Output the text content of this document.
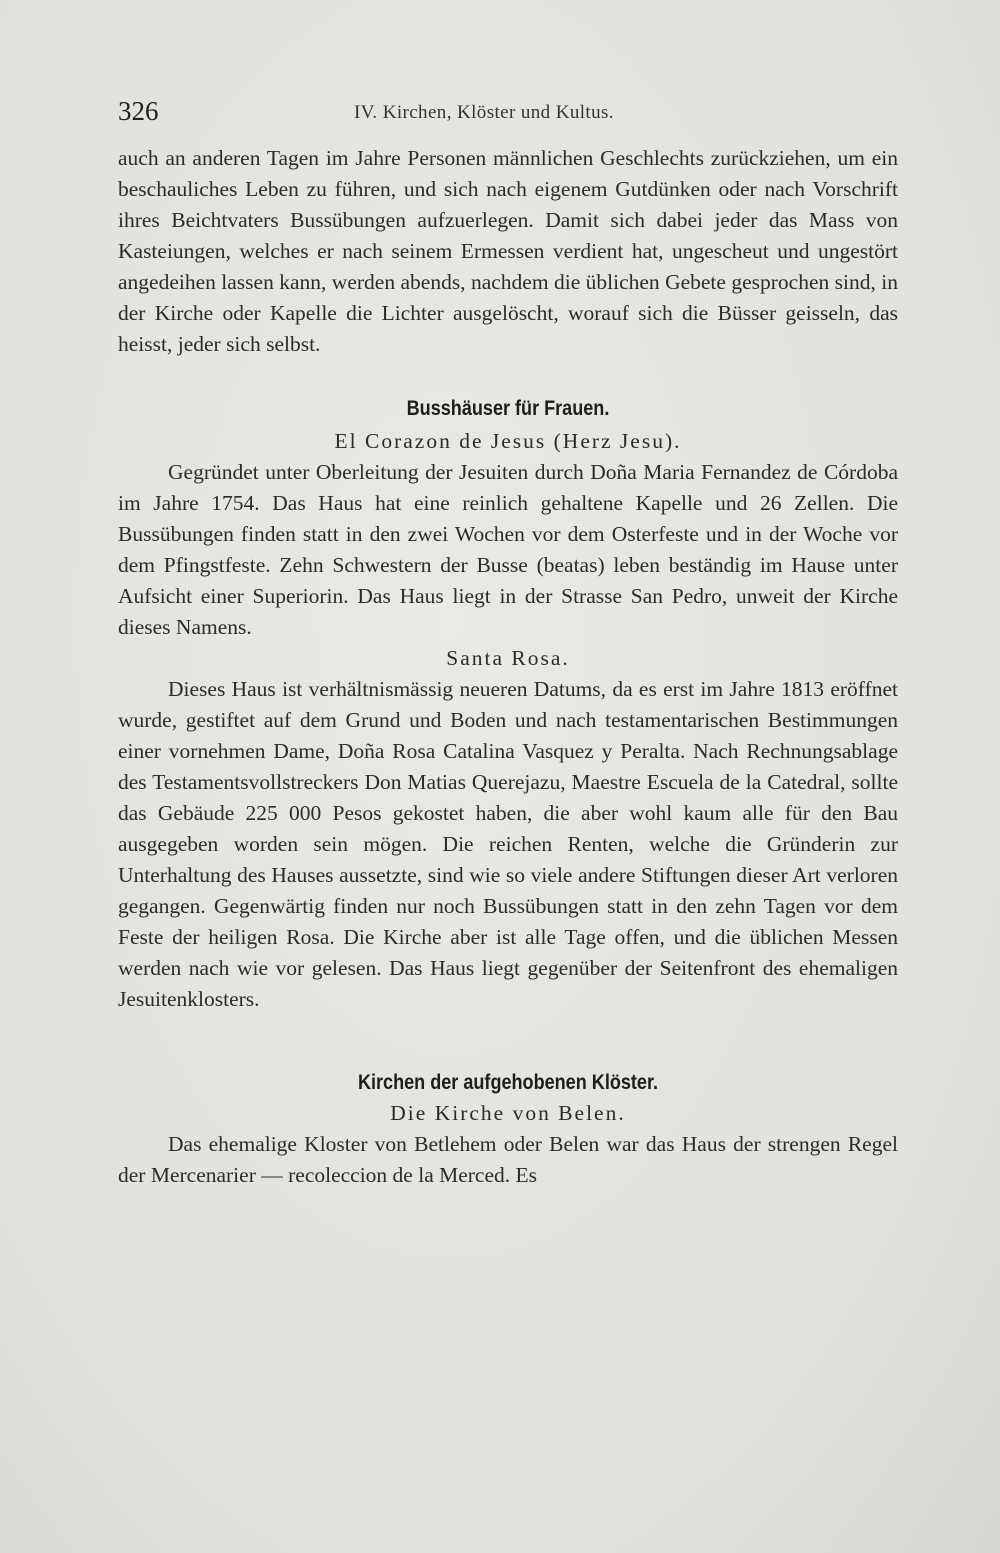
326	IV. Kirchen, Klöster und Kultus.

auch an anderen Tagen im Jahre Personen männlichen Geschlechts zurückziehen, um ein beschauliches Leben zu führen, und sich nach eigenem Gutdünken oder nach Vorschrift ihres Beichtvaters Bussübungen aufzuerlegen. Damit sich dabei jeder das Mass von Kasteiungen, welches er nach seinem Ermessen verdient hat, ungescheut und ungestört angedeihen lassen kann, werden abends, nachdem die üblichen Gebete gesprochen sind, in der Kirche oder Kapelle die Lichter ausgelöscht, worauf sich die Büsser geisseln, das heisst, jeder sich selbst.

Busshäuser für Frauen.

El Corazon de Jesus (Herz Jesu).

Gegründet unter Oberleitung der Jesuiten durch Doña Maria Fernandez de Córdoba im Jahre 1754. Das Haus hat eine reinlich gehaltene Kapelle und 26 Zellen. Die Bussübungen finden statt in den zwei Wochen vor dem Osterfeste und in der Woche vor dem Pfingstfeste. Zehn Schwestern der Busse (beatas) leben beständig im Hause unter Aufsicht einer Superiorin. Das Haus liegt in der Strasse San Pedro, unweit der Kirche dieses Namens.

Santa Rosa.

Dieses Haus ist verhältnismässig neueren Datums, da es erst im Jahre 1813 eröffnet wurde, gestiftet auf dem Grund und Boden und nach testamentarischen Bestimmungen einer vornehmen Dame, Doña Rosa Catalina Vasquez y Peralta. Nach Rechnungsablage des Testamentsvollstreckers Don Matias Querejazu, Maestre Escuela de la Catedral, sollte das Gebäude 225 000 Pesos gekostet haben, die aber wohl kaum alle für den Bau ausgegeben worden sein mögen. Die reichen Renten, welche die Gründerin zur Unterhaltung des Hauses aussetzte, sind wie so viele andere Stiftungen dieser Art verloren gegangen. Gegenwärtig finden nur noch Bussübungen statt in den zehn Tagen vor dem Feste der heiligen Rosa. Die Kirche aber ist alle Tage offen, und die üblichen Messen werden nach wie vor gelesen. Das Haus liegt gegenüber der Seitenfront des ehemaligen Jesuitenklosters.

Kirchen der aufgehobenen Klöster.

Die Kirche von Belen.

Das ehemalige Kloster von Betlehem oder Belen war das Haus der strengen Regel der Mercenarier — recoleccion de la Merced. Es
